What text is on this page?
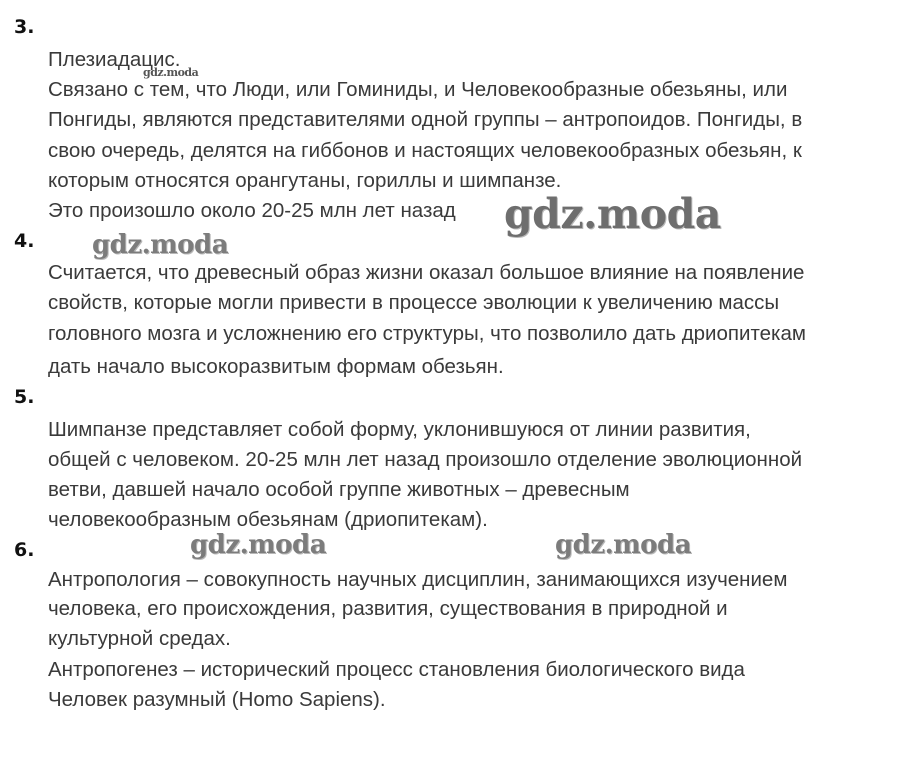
3.
Плезиадацис.
Связано с тем, что Люди, или Гоминиды, и Человекообразные обезьяны, или
Понгиды, являются представителями одной группы – антропоидов. Понгиды, в
свою очередь, делятся на гиббонов и настоящих человекообразных обезьян, к
которым относятся орангутаны, гориллы и шимпанзе.
Это произошло около 20-25 млн лет назад
4.
Считается, что древесный образ жизни оказал большое влияние на появление
свойств, которые могли привести в процессе эволюции к увеличению массы
головного мозга и усложнению его структуры, что позволило дать дриопитекам
дать начало высокоразвитым формам обезьян.
5.
Шимпанзе представляет собой форму, уклонившуюся от линии развития,
общей с человеком. 20-25 млн лет назад произошло отделение эволюционной
ветви, давшей начало особой группе животных – древесным
человекообразным обезьянам (дриопитекам).
6.
Антропология – совокупность научных дисциплин, занимающихся изучением
человека, его происхождения, развития, существования в природной и
культурной средах.
Антропогенез – исторический процесс становления биологического вида
Человек разумный (Homo Sapiens).
gdz.moda
gdz.moda
gdz.moda
gdz.moda	gdz.moda
